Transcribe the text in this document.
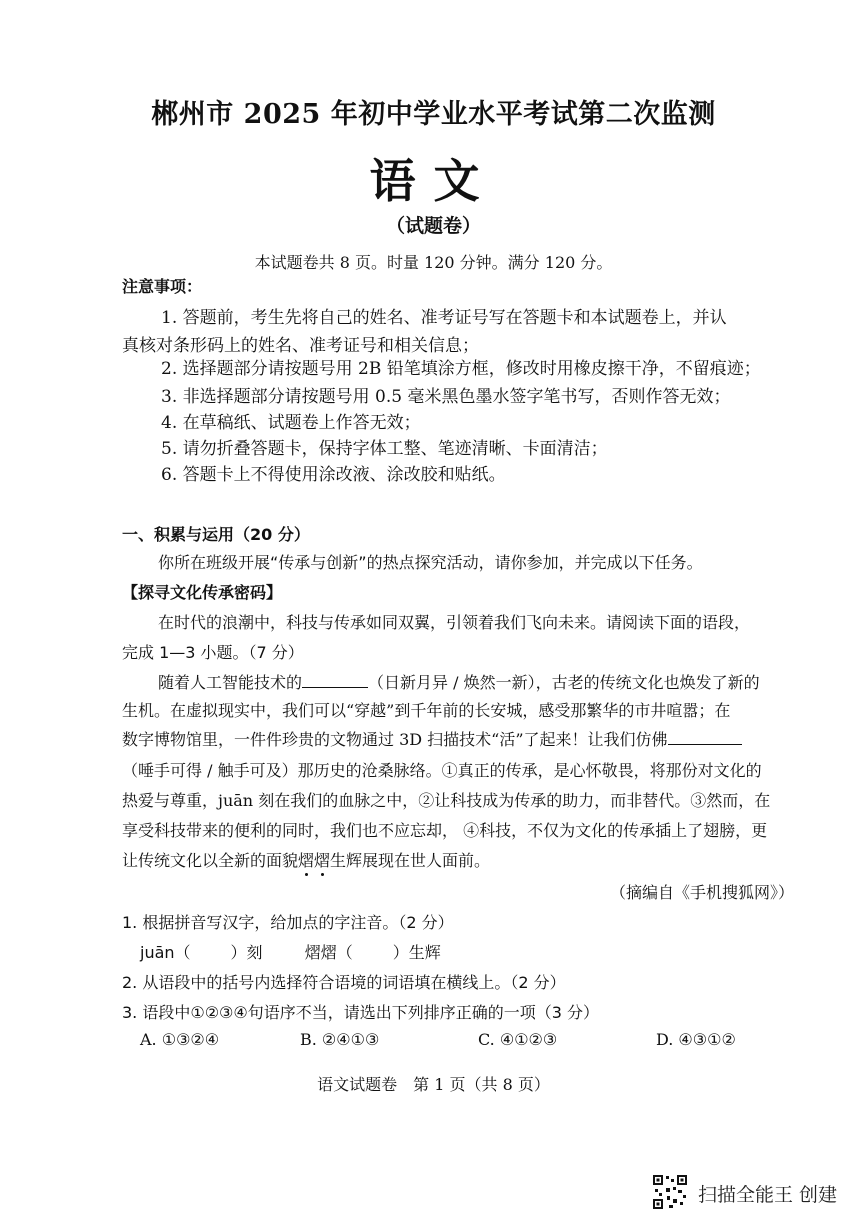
郴州市 2025 年初中学业水平考试第二次监测
语文
（试题卷）
本试题卷共 8 页。时量 120 分钟。满分 120 分。
注意事项：
1. 答题前，考生先将自己的姓名、准考证号写在答题卡和本试题卷上，并认
真核对条形码上的姓名、准考证号和相关信息；
2. 选择题部分请按题号用 2B 铅笔填涂方框，修改时用橡皮擦干净，不留痕迹；
3. 非选择题部分请按题号用 0.5 毫米黑色墨水签字笔书写，否则作答无效；
4. 在草稿纸、试题卷上作答无效；
5. 请勿折叠答题卡，保持字体工整、笔迹清晰、卡面清洁；
6. 答题卡上不得使用涂改液、涂改胶和贴纸。
一、积累与运用（20 分）
你所在班级开展“传承与创新”的热点探究活动，请你参加，并完成以下任务。
【探寻文化传承密码】
在时代的浪潮中，科技与传承如同双翼，引领着我们飞向未来。请阅读下面的语段，
完成 1—3 小题。（7 分）
随着人工智能技术的	（日新月异 / 焕然一新），古老的传统文化也焕发了新的
生机。在虚拟现实中，我们可以“穿越”到千年前的长安城，感受那繁华的市井喧嚣；在
数字博物馆里，一件件珍贵的文物通过 3D 扫描技术“活”了起来！让我们仿佛
（唾手可得 / 触手可及）那历史的沧桑脉络。①真正的传承，是心怀敬畏，将那份对文化的
热爱与尊重，juān 刻在我们的血脉之中，②让科技成为传承的助力，而非替代。③然而，在
享受科技带来的便利的同时，我们也不应忘却， ④科技，不仅为文化的传承插上了翅膀，更
让传统文化以全新的面貌熠熠生辉展现在世人面前。
（摘编自《手机搜狐网》）
1. 根据拼音写汉字，给加点的字注音。（2 分）
juān（	）刻	熠熠（	）生辉
2. 从语段中的括号内选择符合语境的词语填在横线上。（2 分）
3. 语段中①②③④句语序不当，请选出下列排序正确的一项（3 分）
A. ①③②④	B. ②④①③	C. ④①②③	D. ④③①②
语文试题卷　第 1 页（共 8 页）
扫描全能王 创建
